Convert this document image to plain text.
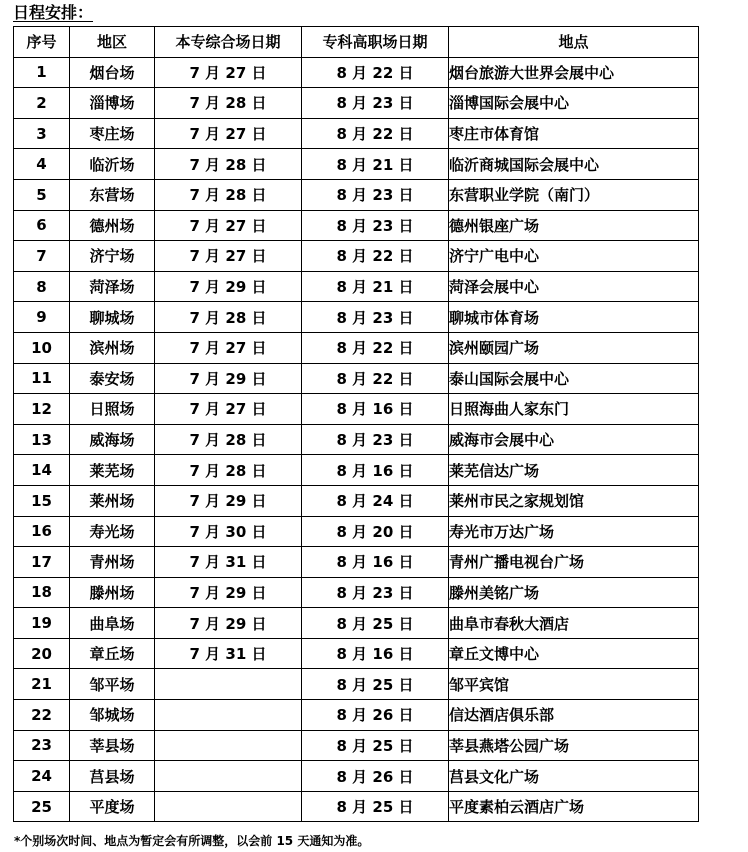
日程安排：
序号	地区	本专综合场日期	专科高职场日期	地点
1	烟台场	7 月 27 日	8 月 22 日	烟台旅游大世界会展中心
2	淄博场	7 月 28 日	8 月 23 日	淄博国际会展中心
3	枣庄场	7 月 27 日	8 月 22 日	枣庄市体育馆
4	临沂场	7 月 28 日	8 月 21 日	临沂商城国际会展中心
5	东营场	7 月 28 日	8 月 23 日	东营职业学院（南门）
6	德州场	7 月 27 日	8 月 23 日	德州银座广场
7	济宁场	7 月 27 日	8 月 22 日	济宁广电中心
8	菏泽场	7 月 29 日	8 月 21 日	菏泽会展中心
9	聊城场	7 月 28 日	8 月 23 日	聊城市体育场
10	滨州场	7 月 27 日	8 月 22 日	滨州颐园广场
11	泰安场	7 月 29 日	8 月 22 日	泰山国际会展中心
12	日照场	7 月 27 日	8 月 16 日	日照海曲人家东门
13	威海场	7 月 28 日	8 月 23 日	威海市会展中心
14	莱芜场	7 月 28 日	8 月 16 日	莱芜信达广场
15	莱州场	7 月 29 日	8 月 24 日	莱州市民之家规划馆
16	寿光场	7 月 30 日	8 月 20 日	寿光市万达广场
17	青州场	7 月 31 日	8 月 16 日	青州广播电视台广场
18	滕州场	7 月 29 日	8 月 23 日	滕州美铭广场
19	曲阜场	7 月 29 日	8 月 25 日	曲阜市春秋大酒店
20	章丘场	7 月 31 日	8 月 16 日	章丘文博中心
21	邹平场		8 月 25 日	邹平宾馆
22	邹城场		8 月 26 日	信达酒店俱乐部
23	莘县场		8 月 25 日	莘县燕塔公园广场
24	莒县场		8 月 26 日	莒县文化广场
25	平度场		8 月 25 日	平度素柏云酒店广场
*个别场次时间、地点为暂定会有所调整，以会前 15 天通知为准。
